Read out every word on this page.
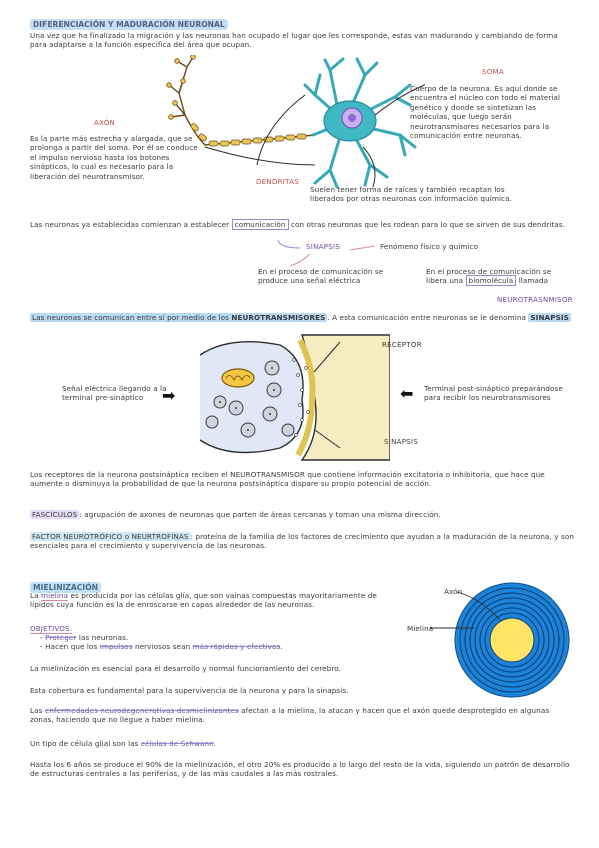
DIFERENCIACIÓN Y MADURACIÓN NEURONAL
Una vez que ha finalizado la migración y las neuronas han ocupado el lugar que les corresponde, estas van madurando y cambiando de forma para adaptarse a la función específica del área que ocupan.
AXÓN
Es la parte más estrecha y alargada, que se prolonga a partir del soma. Por él se conduce el impulso nervioso hasta los botones sinápticos, lo cual es necesario para la liberación del neurotransmisor.
SOMA
Cuerpo de la neurona. Es aquí donde se encuentra el núcleo con todo el material genético y donde se sintetizan las moléculas, que luego serán neurotransmisores necesarios para la comunicación entre neuronas.
DENDRITAS
Suelen tener forma de raíces y también recaptan los liberados por otras neuronas con información química.
Las neuronas ya establecidas comienzan a establecer comunicación con otras neuronas que les rodean para lo que se sirven de sus dendritas.
SINAPSIS	Fenómeno físico y químico
En el proceso de comunicación se produce una señal eléctrica
En el proceso de comunicación se libera una biomolécula llamada
NEUROTRASNMISOR
Las neuronas se comunican entre sí por medio de los NEUROTRANSMISORES . A esta comunicación entre neuronas se le denomina SINAPSIS
RECEPTOR
SINAPSIS
Señal eléctrica llegando a la terminal pre-sináptico	➡	⬅ Terminal post-sináptico preparándose para recibir los neurotransmisores
Los receptores de la neurona postsináptica reciben el NEUROTRANSMISOR que contiene información excitatoria o inhibitoria, que hace que aumente o disminuya la probabilidad de que la neurona postsináptica dispare su propio potencial de acción.
FASCÍCULOS : agrupación de axones de neuronas que parten de áreas cercanas y toman una misma dirección.
FACTOR NEUROTRÓFICO o NEURTROFINAS : proteína de la familia de los factores de crecimiento que ayudan a la maduración de la neurona, y son esenciales para el crecimiento y supervivencia de las neuronas.
MIELINIZACIÓN
La mielina es producida por las células glía, que son vainas compuestas mayoritariamente de lípidos cuya función es la de enroscarse en capas alrededor de las neuronas.
OBJETIVOS:
- Proteger las neuronas.
- Hacen que los impulsos nerviosos sean más rápidos y efectivos.
La mielinización es esencial para el desarrollo y normal funcionamiento del cerebro.
Esta cobertura es fundamental para la supervivencia de la neurona y para la sinapsis.
Las enfermedades neurodegenerativas desmielinizantes afectan a la mielina, la atacan y hacen que el axón quede desprotegido en algunas zonas, haciendo que no llegue a haber mielina.
Un tipo de célula glial son las células de Schwann.
Hasta los 6 años se produce el 90% de la mielinización, el otro 20% es producido a lo largo del resto de la vida, siguiendo un patrón de desarrollo de estructuras centrales a las periferias, y de las más caudales a las más rostrales.
Axón
Mielina
